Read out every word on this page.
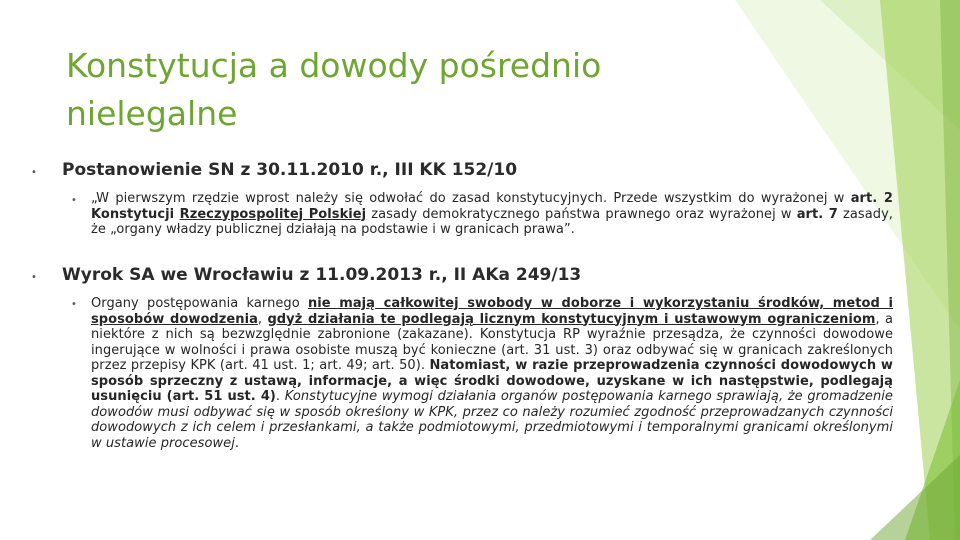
Konstytucja a dowody pośrednio nielegalne
• Postanowienie SN z 30.11.2010 r., III KK 152/10
• „W pierwszym rzędzie wprost należy się odwołać do zasad konstytucyjnych. Przede wszystkim do wyrażonej w art. 2 Konstytucji Rzeczypospolitej Polskiej zasady demokratycznego państwa prawnego oraz wyrażonej w art. 7 zasady, że „organy władzy publicznej działają na podstawie i w granicach prawa”.
• Wyrok SA we Wrocławiu z 11.09.2013 r., II AKa 249/13
• Organy postępowania karnego nie mają całkowitej swobody w doborze i wykorzystaniu środków, metod i sposobów dowodzenia, gdyż działania te podlegają licznym konstytucyjnym i ustawowym ograniczeniom, a niektóre z nich są bezwzględnie zabronione (zakazane). Konstytucja RP wyraźnie przesądza, że czynności dowodowe ingerujące w wolności i prawa osobiste muszą być konieczne (art. 31 ust. 3) oraz odbywać się w granicach zakreślonych przez przepisy KPK (art. 41 ust. 1; art. 49; art. 50). Natomiast, w razie przeprowadzenia czynności dowodowych w sposób sprzeczny z ustawą, informacje, a więc środki dowodowe, uzyskane w ich następstwie, podlegają usunięciu (art. 51 ust. 4). Konstytucyjne wymogi działania organów postępowania karnego sprawiają, że gromadzenie dowodów musi odbywać się w sposób określony w KPK, przez co należy rozumieć zgodność przeprowadzanych czynności dowodowych z ich celem i przesłankami, a także podmiotowymi, przedmiotowymi i temporalnymi granicami określonymi w ustawie procesowej.
